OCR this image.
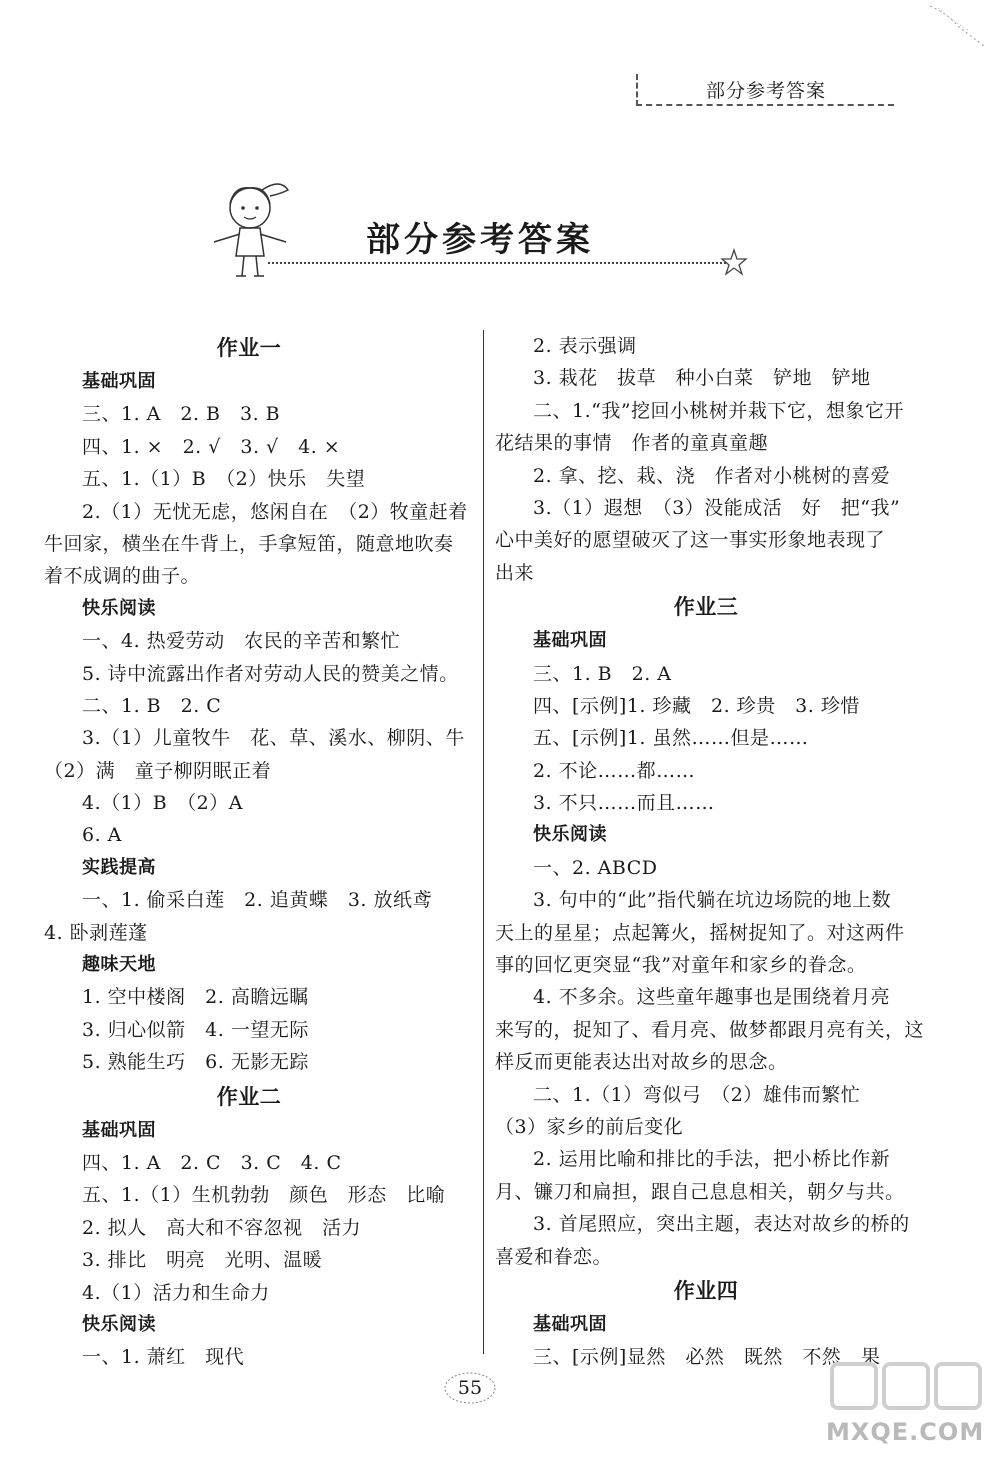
部分参考答案
部分参考答案
作业一
基础巩固
三、1. A　2. B　3. B
四、1. ×　2. √　3. √　4. ×
五、1.（1）B　（2）快乐　失望
2.（1）无忧无虑，悠闲自在　（2）牧童赶着
牛回家，横坐在牛背上，手拿短笛，随意地吹奏
着不成调的曲子。
快乐阅读
一、4. 热爱劳动　农民的辛苦和繁忙
5. 诗中流露出作者对劳动人民的赞美之情。
二、1. B　2. C
3.（1）儿童牧牛　花、草、溪水、柳阴、牛
（2）满　童子柳阴眠正着
4.（1）B　（2）A
6. A
实践提高
一、1. 偷采白莲　2. 追黄蝶　3. 放纸鸢
4. 卧剥莲蓬
趣味天地
1. 空中楼阁　2. 高瞻远瞩
3. 归心似箭　4. 一望无际
5. 熟能生巧　6. 无影无踪
作业二
基础巩固
四、1. A　2. C　3. C　4. C
五、1.（1）生机勃勃　颜色　形态　比喻
2. 拟人　高大和不容忽视　活力
3. 排比　明亮　光明、温暖
4.（1）活力和生命力
快乐阅读
一、1. 萧红　现代
2. 表示强调
3. 栽花　拔草　种小白菜　铲地　铲地
二、1.“我”挖回小桃树并栽下它，想象它开
花结果的事情　作者的童真童趣
2. 拿、挖、栽、浇　作者对小桃树的喜爱
3.（1）遐想　（3）没能成活　好　把“我”
心中美好的愿望破灭了这一事实形象地表现了
出来
作业三
基础巩固
三、1. B　2. A
四、[示例]1. 珍藏　2. 珍贵　3. 珍惜
五、[示例]1. 虽然……但是……
2. 不论……都……
3. 不只……而且……
快乐阅读
一、2. ABCD
3. 句中的“此”指代躺在坑边场院的地上数
天上的星星；点起篝火，摇树捉知了。对这两件
事的回忆更突显“我”对童年和家乡的眷念。
4. 不多余。这些童年趣事也是围绕着月亮
来写的，捉知了、看月亮、做梦都跟月亮有关，这
样反而更能表达出对故乡的思念。
二、1.（1）弯似弓　（2）雄伟而繁忙
（3）家乡的前后变化
2. 运用比喻和排比的手法，把小桥比作新
月、镰刀和扁担，跟自己息息相关，朝夕与共。
3. 首尾照应，突出主题，表达对故乡的桥的
喜爱和眷恋。
作业四
基础巩固
三、[示例]显然　必然　既然　不然　果
55
MXQE.COM
